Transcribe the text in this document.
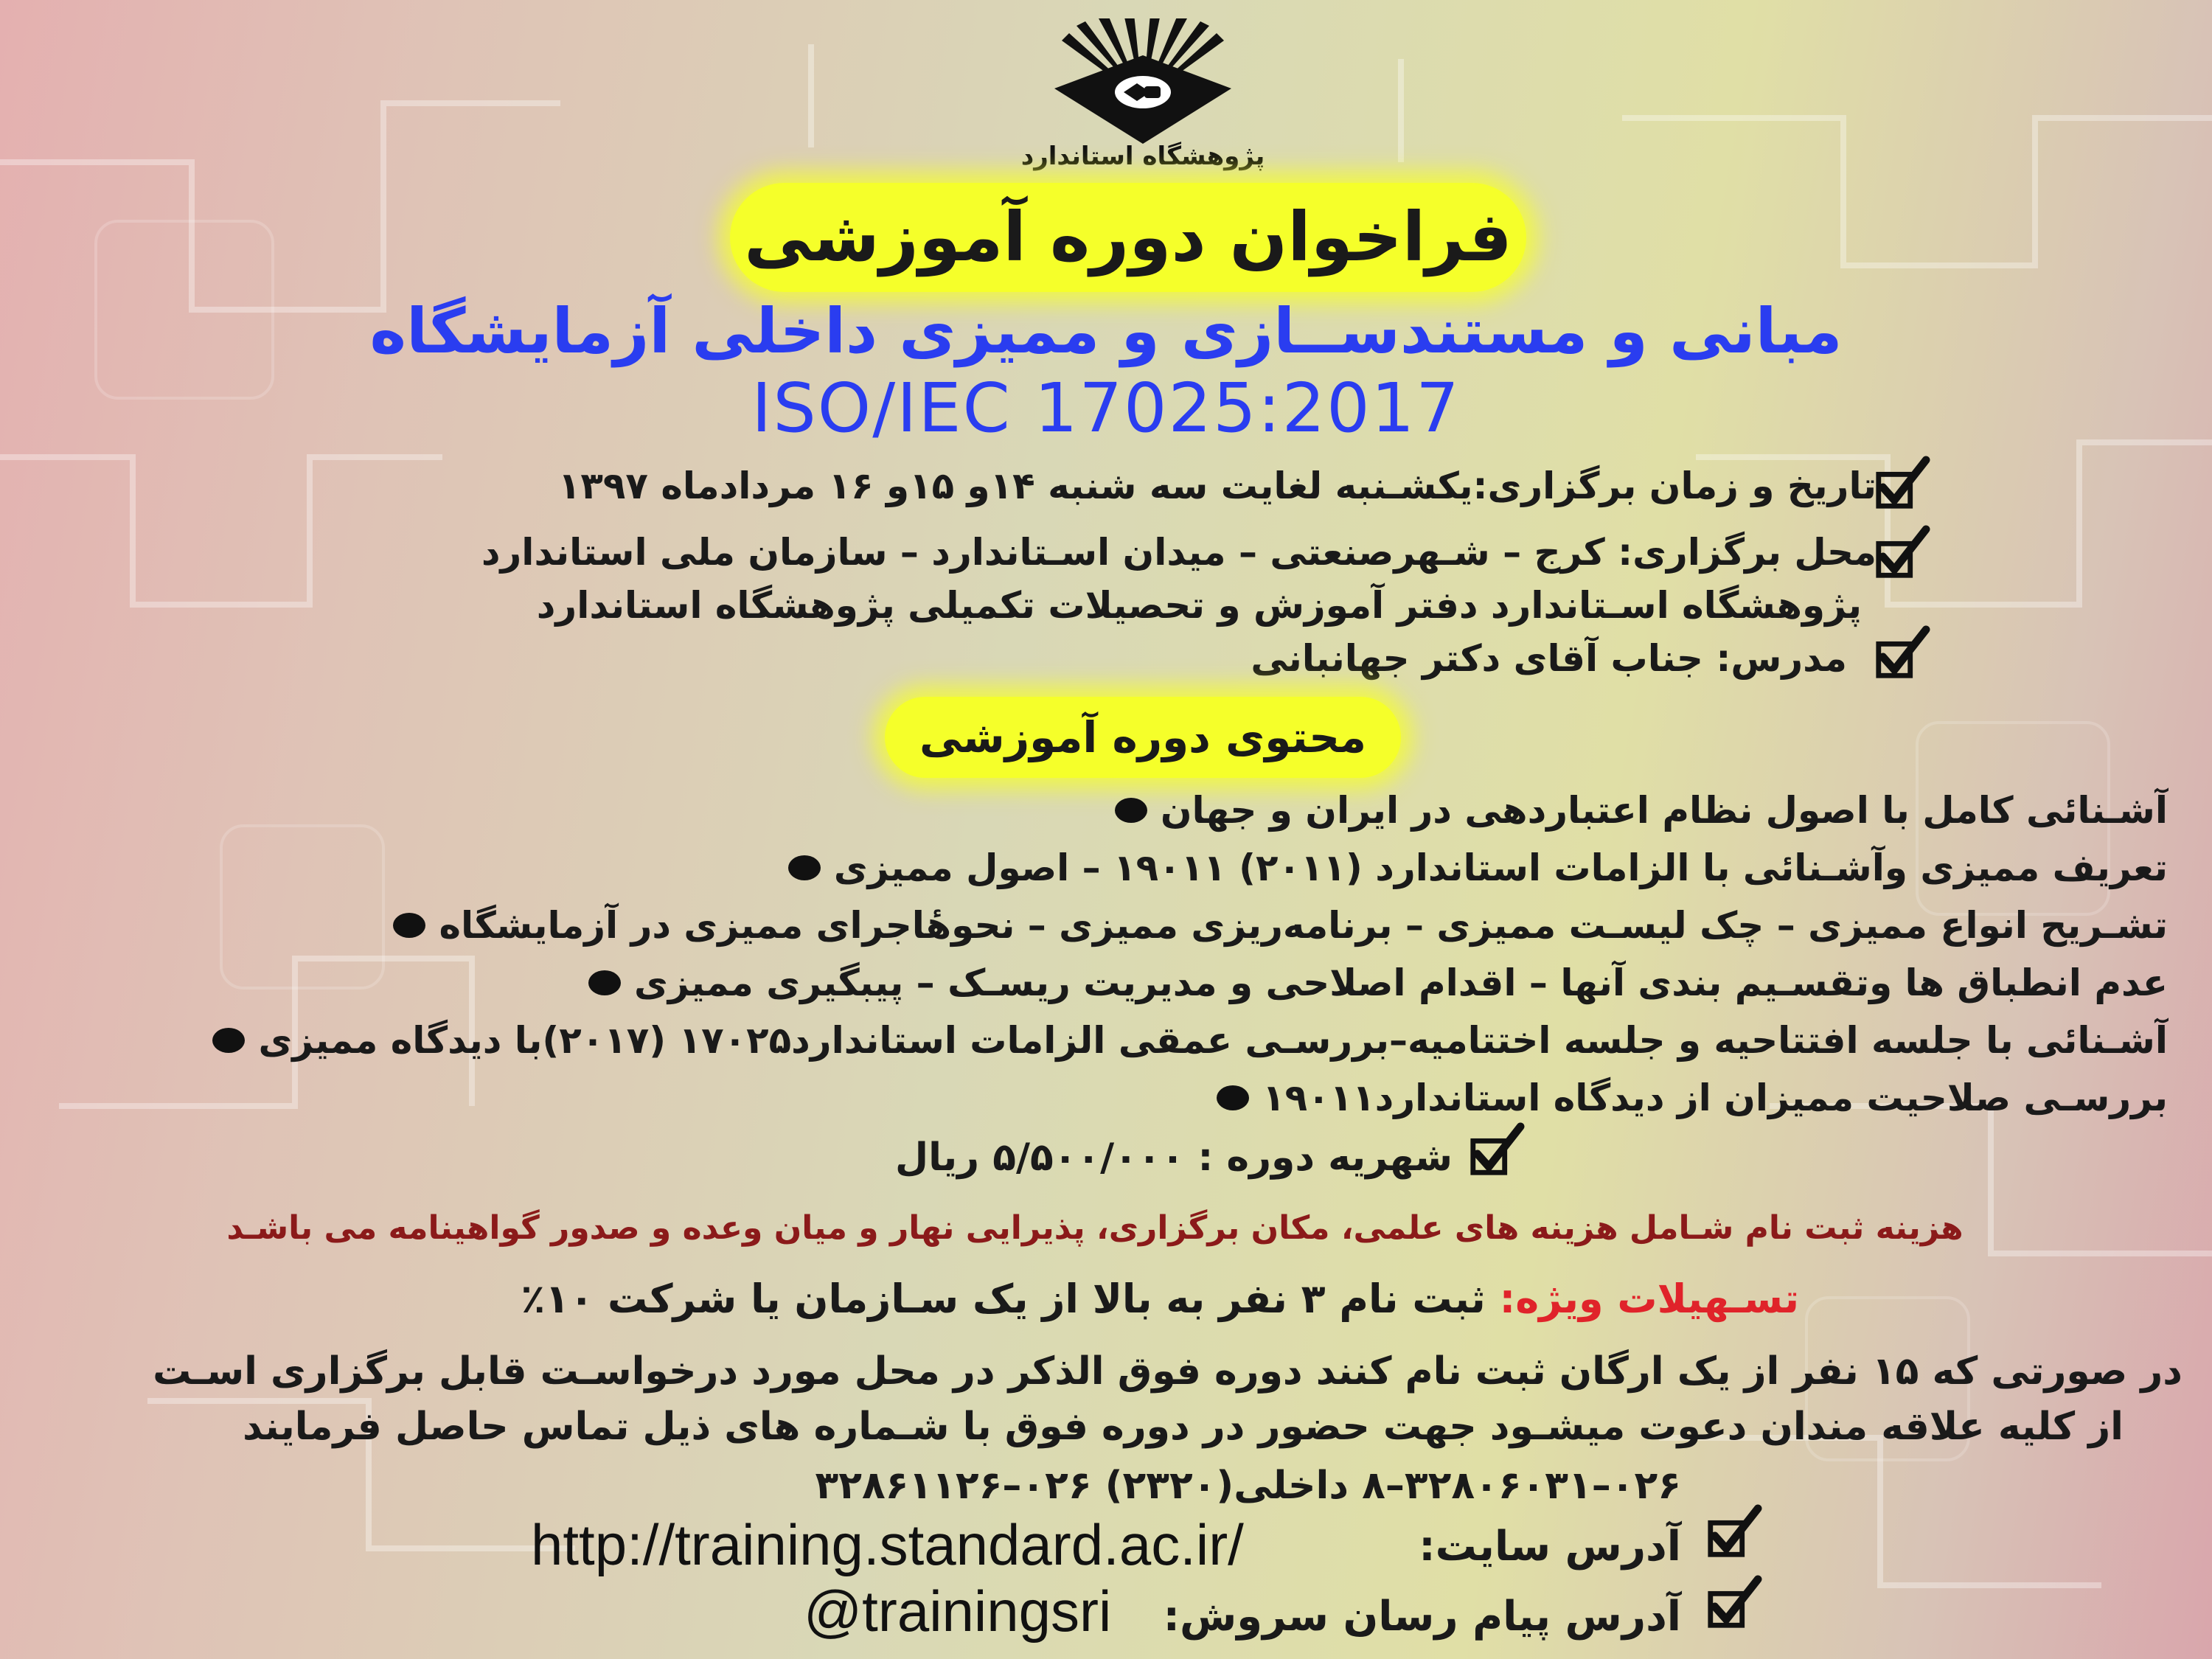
پژوهشگاه استاندارد
فراخوان دوره آموزشی
مبانی و مستندســازی و ممیزی داخلی آزمایشگاه
ISO/IEC 17025:2017
تاریخ و زمان برگزاری:یکشـنبه لغایت سه شنبه ۱۴و ۱۵و ۱۶ مردادماه ۱۳۹۷
محل برگزاری: کرج – شـهرصنعتی – میدان اسـتاندارد – سازمان ملی استاندارد
پژوهشگاه اسـتاندارد دفتر آموزش و تحصیلات تکمیلی پژوهشگاه استاندارد
مدرس: جناب آقای دکتر جهانبانی
محتوی دوره آموزشی
آشـنائی کامل با اصول نظام اعتباردهی در ایران و جهان
تعریف ممیزی وآشـنائی با الزامات استاندارد (۲۰۱۱) ۱۹۰۱۱ – اصول ممیزی
تشـریح انواع ممیزی – چک لیسـت ممیزی – برنامه‌ریزی ممیزی – نحوهٔاجرای ممیزی در آزمایشگاه
عدم انطباق ها وتقسـیم بندی آنها – اقدام اصلاحی و مدیریت ریسـک – پیبگیری ممیزی
آشـنائی با جلسه افتتاحیه و جلسه اختتامیه–بررسـی عمقی الزامات استاندارد۱۷۰۲۵ (۲۰۱۷)با دیدگاه ممیزی
بررسـی صلاحیت ممیزان از دیدگاه استاندارد۱۹۰۱۱
شهریه دوره : ۵/۵۰۰/۰۰۰ ریال
هزینه ثبت نام شـامل هزینه های علمی، مکان برگزاری، پذیرایی نهار و میان وعده و صدور گواهینامه می باشـد
تسـهیلات ویژه: ثبت نام ۳ نفر به بالا از یک سـازمان یا شرکت ۱۰٪
در صورتی که ۱۵ نفر از یک ارگان ثبت نام کنند دوره فوق الذکر در محل مورد درخواسـت قابل برگزاری اسـت
از کلیه علاقه مندان دعوت میشـود جهت حضور در دوره فوق با شـماره های ذیل تماس حاصل فرمایند
۰۲۶–۳۲۸۰۶۰۳۱–۸ داخلی(۲۳۲۰) ۰۲۶–۳۲۸۶۱۱۲۶
آدرس سایت:
http://training.standard.ac.ir/
آدرس پیام رسان سروش:
@trainingsri
